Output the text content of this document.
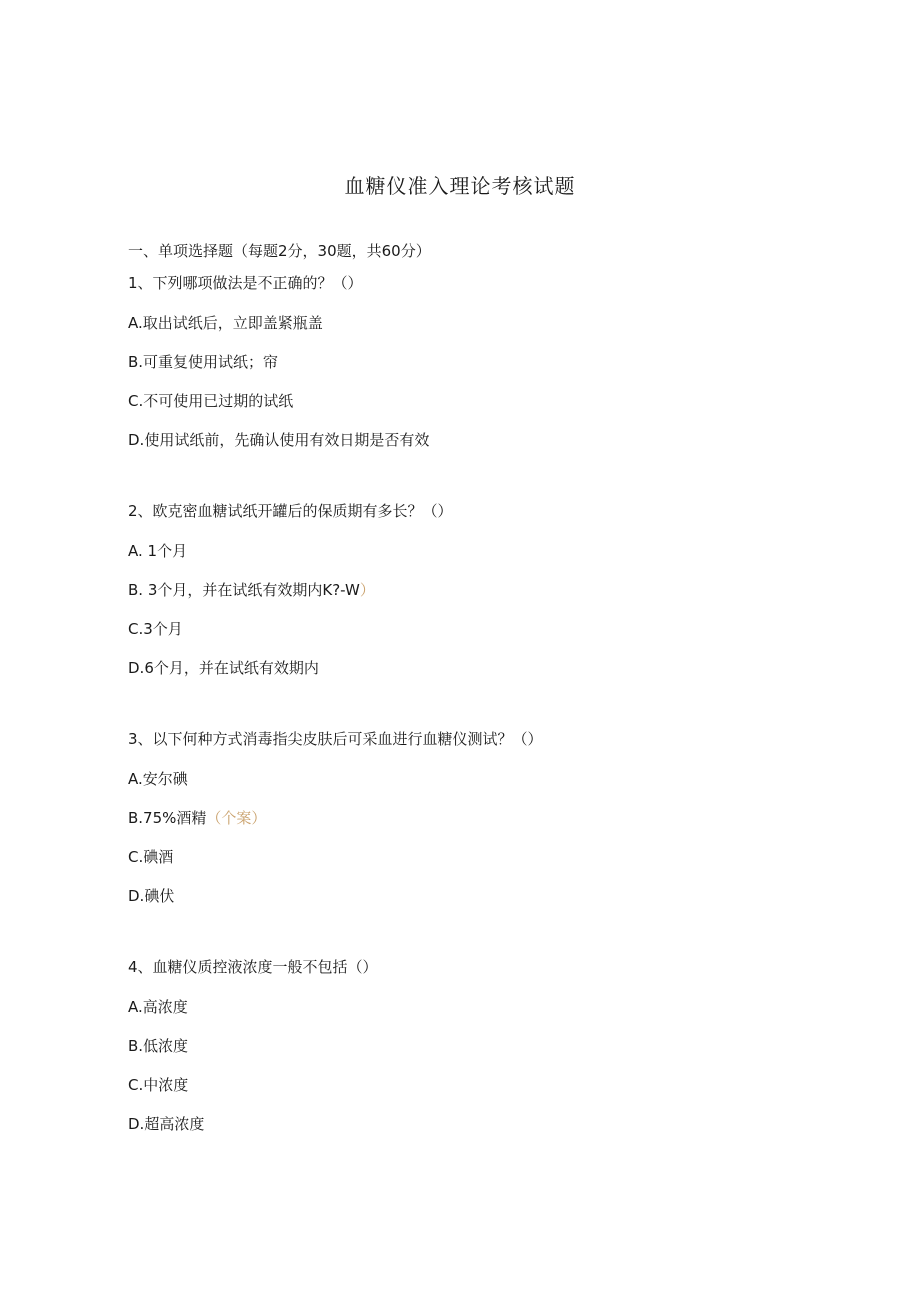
血糖仪准入理论考核试题
一、单项选择题（每题2分，30题，共60分）
1、下列哪项做法是不正确的？（）
A.取出试纸后，立即盖紧瓶盖
B.可重复使用试纸；帘
C.不可使用已过期的试纸
D.使用试纸前，先确认使用有效日期是否有效
2、欧克密血糖试纸开罐后的保质期有多长？（）
A. 1个月
B. 3个月，并在试纸有效期内K?-W）
C.3个月
D.6个月，并在试纸有效期内
3、以下何种方式消毒指尖皮肤后可采血进行血糖仪测试？（）
A.安尔碘
B.75%酒精（个案）
C.碘酒
D.碘伏
4、血糖仪质控液浓度一般不包括（）
A.高浓度
B.低浓度
C.中浓度
D.超高浓度
